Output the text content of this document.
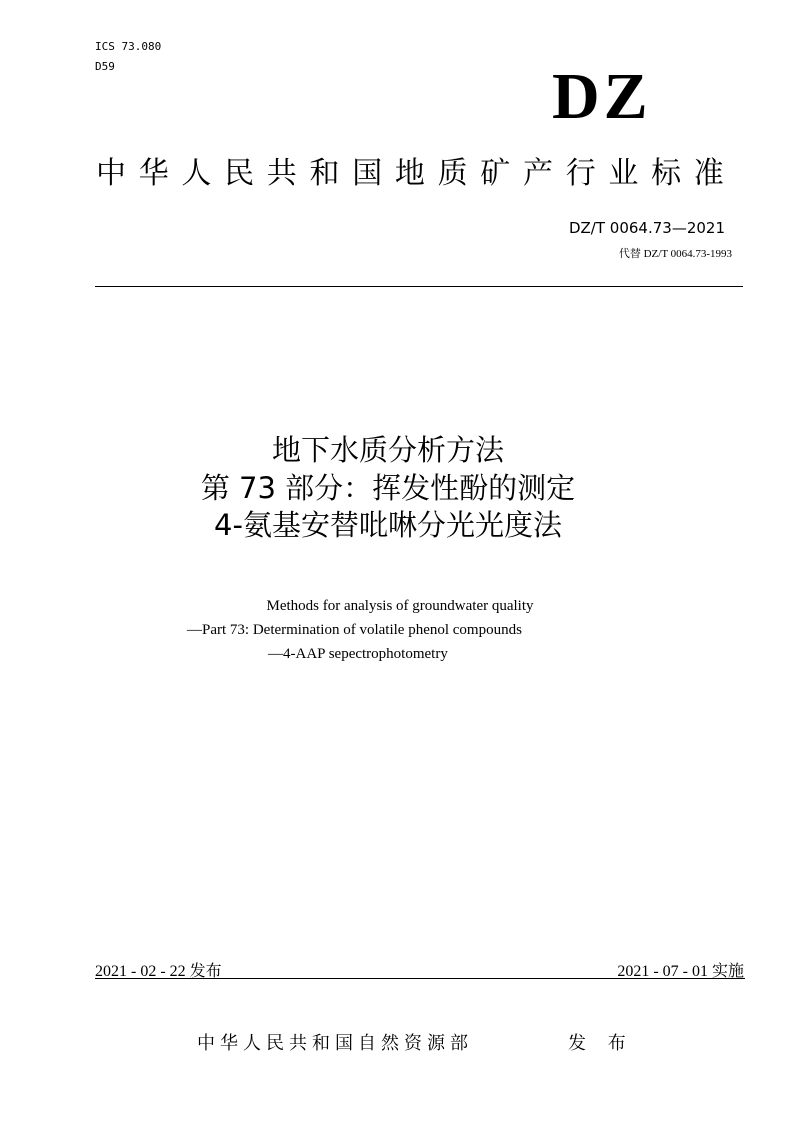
ICS 73.080
D59	DZ
中华人民共和国地质矿产行业标准
DZ/T 0064.73—2021
代替 DZ/T 0064.73-1993
地下水质分析方法
第 73 部分：挥发性酚的测定
4-氨基安替吡啉分光光度法
Methods for analysis of groundwater quality
—Part 73: Determination of volatile phenol compounds
—4-AAP sepectrophotometry
2021 - 02 - 22 发布	2021 - 07 - 01 实施
中华人民共和国自然资源部	发 布
